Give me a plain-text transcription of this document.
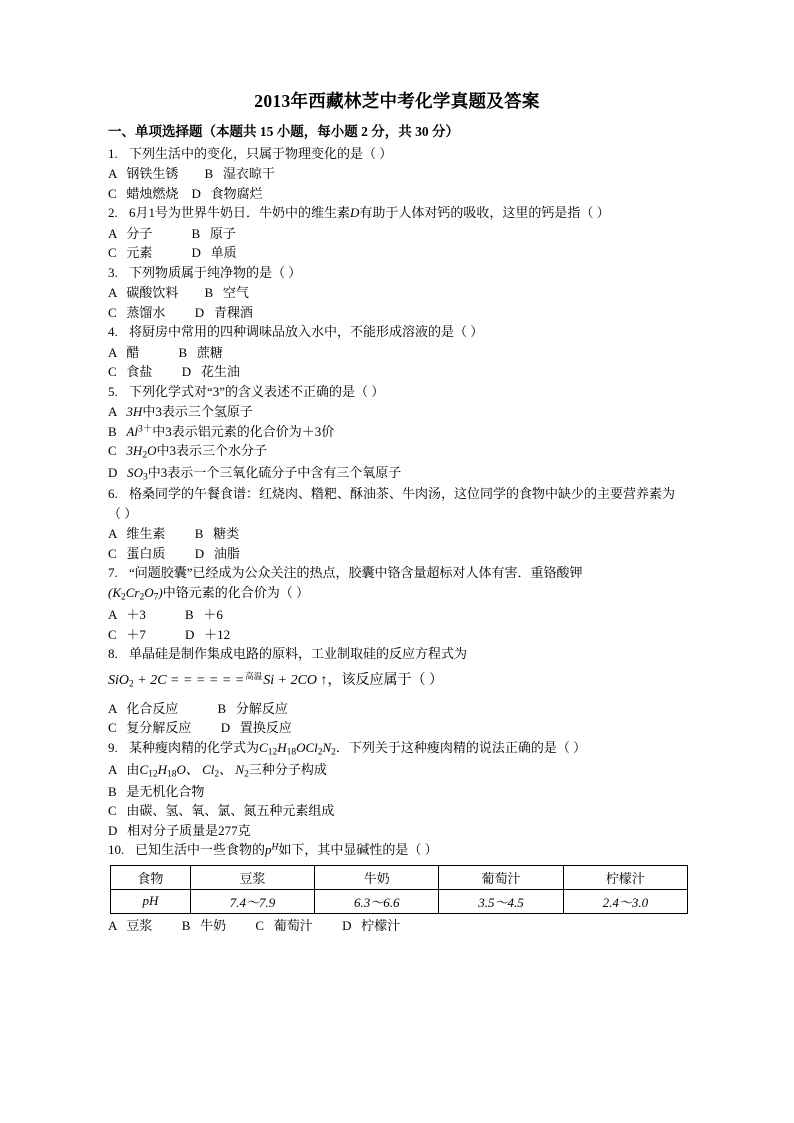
2013年西藏林芝中考化学真题及答案
一、单项选择题（本题共 15 小题，每小题 2 分，共 30 分）
1. 下列生活中的变化，只属于物理变化的是（ ）
A 钢铁生锈 B 湿衣晾干
C 蜡烛燃烧 D 食物腐烂
2. 6月1号为世界牛奶日．牛奶中的维生素D有助于人体对钙的吸收，这里的钙是指（ ）
A 分子	B 原子
C 元素	D 单质
3. 下列物质属于纯净物的是（ ）
A 碳酸饮料 B 空气
C 蒸馏水 D 青稞酒
4. 将厨房中常用的四种调味品放入水中，不能形成溶液的是（ ）
A 醋	B 蔗糖
C 食盐 D 花生油
5. 下列化学式对“3”的含义表述不正确的是（ ）
A 3H中3表示三个氢原子
B $Al^{3+}$中3表示铝元素的化合价为＋3价
C 3H2O中3表示三个水分子
D SO3中3表示一个三氧化硫分子中含有三个氧原子
6. 格桑同学的午餐食谱：红烧肉、糌粑、酥油茶、牛肉汤，这位同学的食物中缺少的主要营养素为（ ）
A 维生素 B 糖类
C 蛋白质 D 油脂
7. “问题胶囊”已经成为公众关注的热点，胶囊中铬含量超标对人体有害．重铬酸钾
(K2Cr2O7)中铬元素的化合价为（ ）
A ＋3	B ＋6
C ＋7	D ＋12
8. 单晶硅是制作集成电路的原料，工业制取硅的反应方程式为
SiO2 + 2C = = = = = =高温Si + 2CO ↑，该反应属于（ ）
A 化合反应	B 分解反应
C 复分解反应 D 置换反应
9. 某种瘦肉精的化学式为C12H18OCl2N2．下列关于这种瘦肉精的说法正确的是（ ）
A 由C12H18O、 Cl2、 N2三种分子构成
B 是无机化合物
C 由碳、氢、氧、氯、氮五种元素组成
D 相对分子质量是277克
10. 已知生活中一些食物的$p^H$如下，其中显碱性的是（ ）
食物	豆浆	牛奶	葡萄汁	柠檬汁
pH	7.4～7.9	6.3～6.6	3.5～4.5	2.4～3.0
A 豆浆 B 牛奶 C 葡萄汁 D 柠檬汁
